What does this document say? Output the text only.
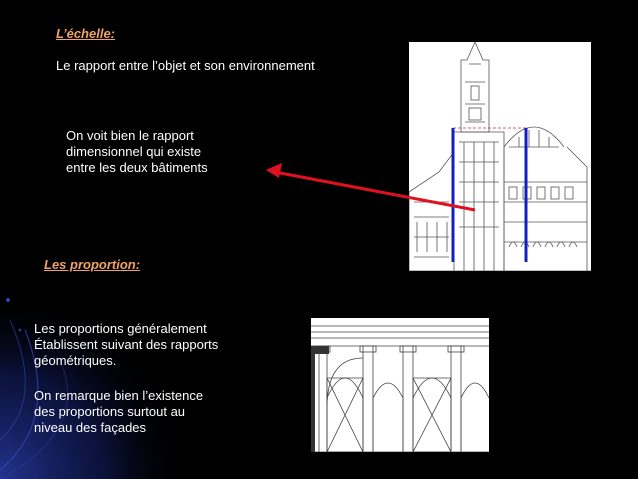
L’échelle:
Le rapport entre l’objet et son environnement
On voit bien le rapport
dimensionnel qui existe
entre les deux bâtiments
Les proportion:
Les proportions généralement
Établissent suivant des rapports
géométriques.
On remarque bien l’existence
des proportions surtout au
niveau des façades
